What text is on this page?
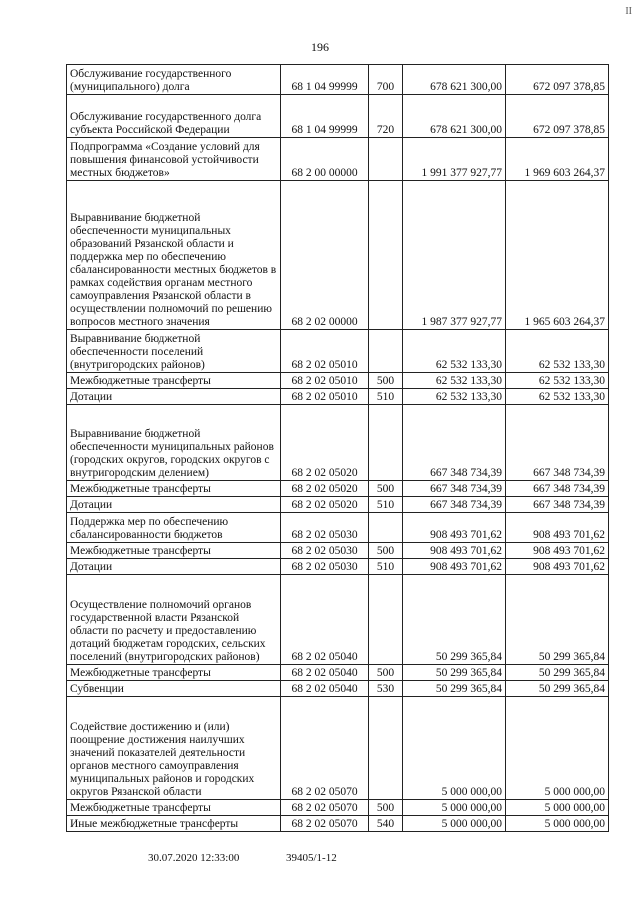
II
196
Обслуживание государственного (муниципального) долга	68 1 04 99999	700	678 621 300,00	672 097 378,85
Обслуживание государственного долга субъекта Российской Федерации	68 1 04 99999	720	678 621 300,00	672 097 378,85
Подпрограмма «Создание условий для повышения финансовой устойчивости местных бюджетов»	68 2 00 00000		1 991 377 927,77	1 969 603 264,37
Выравнивание бюджетной обеспеченности муниципальных образований Рязанской области и поддержка мер по обеспечению сбалансированности местных бюджетов в рамках содействия органам местного самоуправления Рязанской области в осуществлении полномочий по решению вопросов местного значения	68 2 02 00000		1 987 377 927,77	1 965 603 264,37
Выравнивание бюджетной обеспеченности поселений (внутригородских районов)	68 2 02 05010		62 532 133,30	62 532 133,30
Межбюджетные трансферты	68 2 02 05010	500	62 532 133,30	62 532 133,30
Дотации	68 2 02 05010	510	62 532 133,30	62 532 133,30
Выравнивание бюджетной обеспеченности муниципальных районов (городских округов, городских округов с внутригородским делением)	68 2 02 05020		667 348 734,39	667 348 734,39
Межбюджетные трансферты	68 2 02 05020	500	667 348 734,39	667 348 734,39
Дотации	68 2 02 05020	510	667 348 734,39	667 348 734,39
Поддержка мер по обеспечению сбалансированности бюджетов	68 2 02 05030		908 493 701,62	908 493 701,62
Межбюджетные трансферты	68 2 02 05030	500	908 493 701,62	908 493 701,62
Дотации	68 2 02 05030	510	908 493 701,62	908 493 701,62
Осуществление полномочий органов государственной власти Рязанской области по расчету и предоставлению дотаций бюджетам городских, сельских поселений (внутригородских районов)	68 2 02 05040		50 299 365,84	50 299 365,84
Межбюджетные трансферты	68 2 02 05040	500	50 299 365,84	50 299 365,84
Субвенции	68 2 02 05040	530	50 299 365,84	50 299 365,84
Содействие достижению и (или) поощрение достижения наилучших значений показателей деятельности органов местного самоуправления муниципальных районов и городских округов Рязанской области	68 2 02 05070		5 000 000,00	5 000 000,00
Межбюджетные трансферты	68 2 02 05070	500	5 000 000,00	5 000 000,00
Иные межбюджетные трансферты	68 2 02 05070	540	5 000 000,00	5 000 000,00
30.07.2020 12:33:00	39405/1-12
